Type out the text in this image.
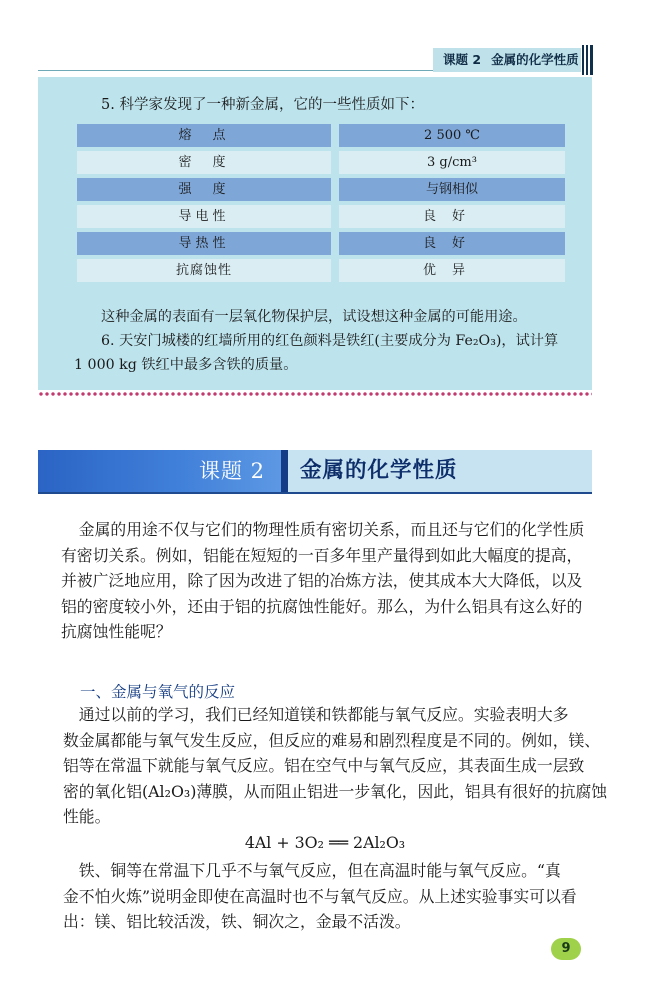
课题 2 金属的化学性质
5. 科学家发现了一种新金属，它的一些性质如下：
熔　点	2 500 ℃
密　度	3 g/cm³
强　度	与钢相似
导电性	良好
导热性	良好
抗腐蚀性	优异
这种金属的表面有一层氧化物保护层，试设想这种金属的可能用途。
6. 天安门城楼的红墙所用的红色颜料是铁红(主要成分为 Fe₂O₃)，试计算
1 000 kg 铁红中最多含铁的质量。
课题 2	金属的化学性质
　金属的用途不仅与它们的物理性质有密切关系，而且还与它们的化学性质
有密切关系。例如，铝能在短短的一百多年里产量得到如此大幅度的提高，
并被广泛地应用，除了因为改进了铝的冶炼方法，使其成本大大降低，以及
铝的密度较小外，还由于铝的抗腐蚀性能好。那么，为什么铝具有这么好的
抗腐蚀性能呢？
一、金属与氧气的反应
　通过以前的学习，我们已经知道镁和铁都能与氧气反应。实验表明大多
数金属都能与氧气发生反应，但反应的难易和剧烈程度是不同的。例如，镁、
铝等在常温下就能与氧气反应。铝在空气中与氧气反应，其表面生成一层致
密的氧化铝(Al₂O₃)薄膜，从而阻止铝进一步氧化，因此，铝具有很好的抗腐蚀
性能。
4Al + 3O₂ ══ 2Al₂O₃
　铁、铜等在常温下几乎不与氧气反应，但在高温时能与氧气反应。“真
金不怕火炼”说明金即使在高温时也不与氧气反应。从上述实验事实可以看
出：镁、铝比较活泼，铁、铜次之，金最不活泼。
9
